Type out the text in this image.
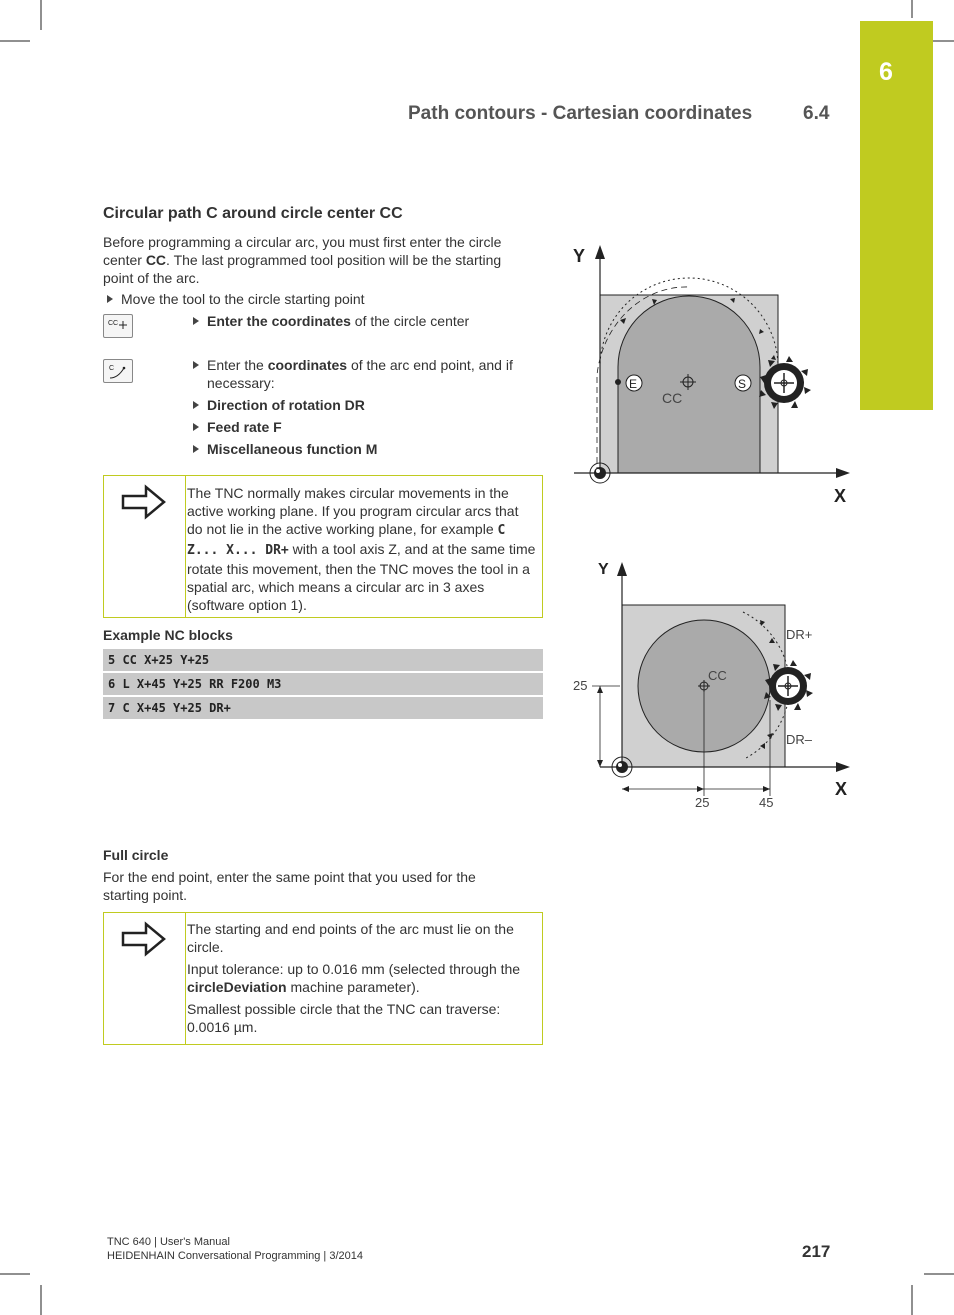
6
Path contours - Cartesian coordinates	6.4
Circular path C around circle center CC

Before programming a circular arc, you must first enter the circle center CC. The last programmed tool position will be the starting point of the arc.

Move the tool to the circle starting point
CC	Enter the coordinates of the circle center
C	Enter the coordinates of the arc end point, and if necessary:
Direction of rotation DR
Feed rate F
Miscellaneous function M
The TNC normally makes circular movements in the active working plane. If you program circular arcs that do not lie in the active working plane, for example C Z... X... DR+ with a tool axis Z, and at the same time rotate this movement, then the TNC moves the tool in a spatial arc, which means a circular arc in 3 axes (software option 1).
Example NC blocks
5 CC X+25 Y+25
6 L X+45 Y+25 RR F200 M3
7 C X+45 Y+25 DR+
Full circle

For the end point, enter the same point that you used for the starting point.

The starting and end points of the arc must lie on the circle.

Input tolerance: up to 0.016 mm (selected through the circleDeviation machine parameter).

Smallest possible circle that the TNC can traverse: 0.0016 µm.

Y
X
CC
E	S
Y
X
CC
DR+
DR–
25
25	45
TNC 640 | User's Manual
HEIDENHAIN Conversational Programming | 3/2014	217
